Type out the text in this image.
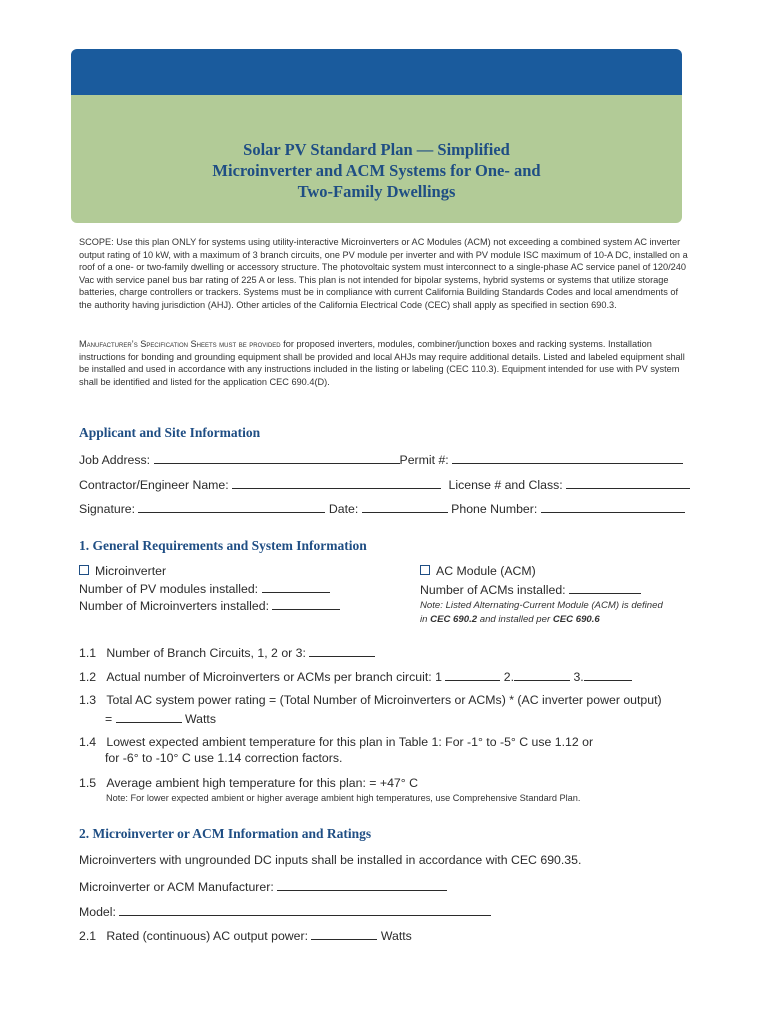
Solar PV Standard Plan — Simplified Microinverter and ACM Systems for One- and Two-Family Dwellings

SCOPE: Use this plan ONLY for systems using utility-interactive Microinverters or AC Modules (ACM) not exceeding a combined system AC inverter output rating of 10 kW, with a maximum of 3 branch circuits, one PV module per inverter and with PV module ISC maximum of 10-A DC, installed on a roof of a one- or two-family dwelling or accessory structure. The photovoltaic system must interconnect to a single-phase AC service panel of 120/240 Vac with service panel bus bar rating of 225 A or less. This plan is not intended for bipolar systems, hybrid systems or systems that utilize storage batteries, charge controllers or trackers. Systems must be in compliance with current California Building Standards Codes and local amendments of the authority having jurisdiction (AHJ). Other articles of the California Electrical Code (CEC) shall apply as specified in section 690.3.

Manufacturer’s Specification Sheets must be provided for proposed inverters, modules, combiner/junction boxes and racking systems. Installation instructions for bonding and grounding equipment shall be provided and local AHJs may require additional details. Listed and labeled equipment shall be installed and used in accordance with any instructions included in the listing or labeling (CEC 110.3). Equipment intended for use with PV system shall be identified and listed for the application CEC 690.4(D).

Applicant and Site Information
Job Address:	Permit #:
Contractor/Engineer Name:	License # and Class:
Signature:	Date:	Phone Number:
1. General Requirements and System Information
Microinverter
Number of PV modules installed:
Number of Microinverters installed:
AC Module (ACM)
Number of ACMs installed:
Note: Listed Alternating-Current Module (ACM) is defined
in CEC 690.2 and installed per CEC 690.6
1.1 Number of Branch Circuits, 1, 2 or 3:
1.2 Actual number of Microinverters or ACMs per branch circuit: 1	2.	3.
1.3 Total AC system power rating = (Total Number of Microinverters or ACMs) * (AC inverter power output)
=	Watts
1.4 Lowest expected ambient temperature for this plan in Table 1: For -1° to -5° C use 1.12 or
for -6° to -10° C use 1.14 correction factors.
1.5 Average ambient high temperature for this plan: = +47° C
Note: For lower expected ambient or higher average ambient high temperatures, use Comprehensive Standard Plan.
2. Microinverter or ACM Information and Ratings
Microinverters with ungrounded DC inputs shall be installed in accordance with CEC 690.35.
Microinverter or ACM Manufacturer:
Model:
2.1 Rated (continuous) AC output power:	Watts
